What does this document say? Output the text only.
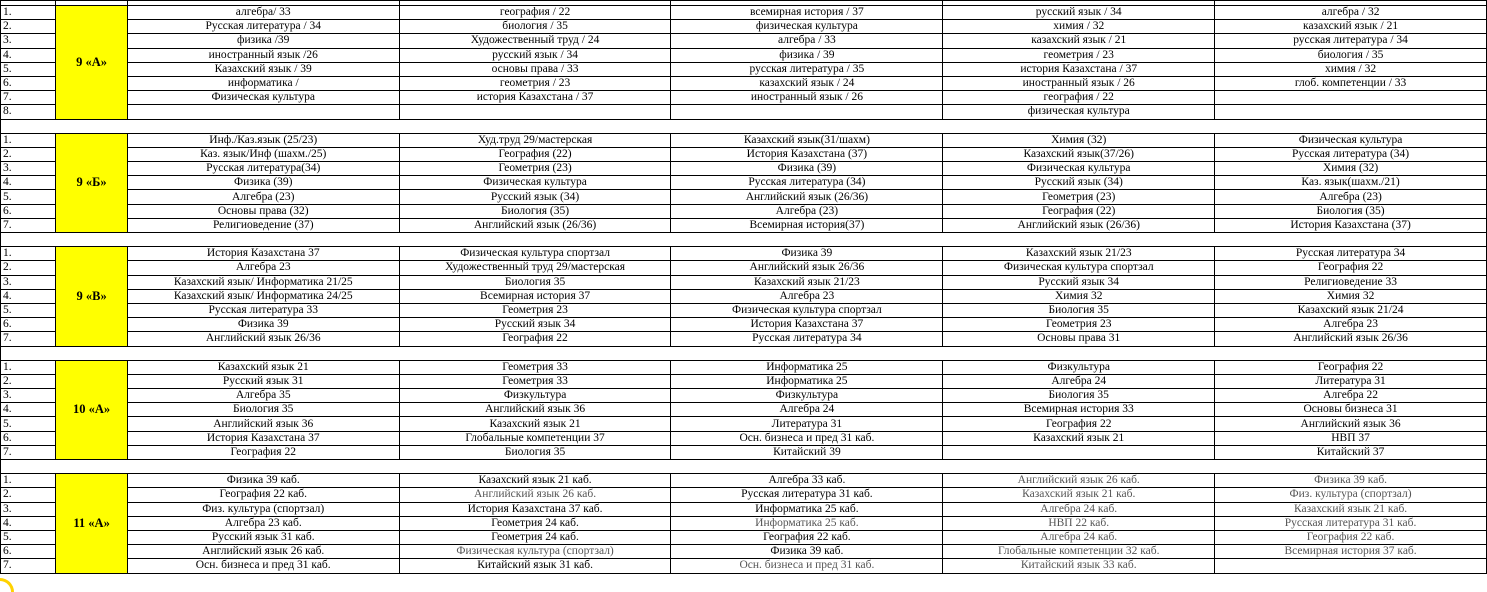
1.	9 «А»	алгебра/ 33	география / 22	всемирная история / 37	русский язык / 34	алгебра / 32
2.		Русская литература / 34	биология / 35	физическая культура	химия / 32	казахский язык / 21
3.		физика /39	Художественный труд / 24	алгебра / 33	казахский язык / 21	русская литература / 34
4.		иностранный язык /26	русский язык / 34	физика / 39	геометрия / 23	биология / 35
5.		Казахский язык / 39	основы права / 33	русская литература / 35	история Казахстана / 37	химия / 32
6.		информатика /	геометрия / 23	казахский язык / 24	иностранный язык / 26	глоб. компетенции / 33
7.		Физическая культура	история Казахстана / 37	иностранный язык / 26	география / 22	
8.					физическая культура	

1.	9 «Б»	Инф./Каз.язык (25/23)	Худ.труд 29/мастерская	Казахский язык(31/шахм)	Химия (32)	Физическая культура
2.		Каз. язык/Инф (шахм./25)	География (22)	История Казахстана (37)	Казахский язык(37/26)	Русская литература (34)
3.		Русская литература(34)	Геометрия (23)	Физика (39)	Физическая культура	Химия (32)
4.		Физика (39)	Физическая культура	Русская литература (34)	Русский язык (34)	Каз. язык(шахм./21)
5.		Алгебра (23)	Русский язык (34)	Английский язык (26/36)	Геометрия (23)	Алгебра (23)
6.		Основы права (32)	Биология (35)	Алгебра (23)	География (22)	Биология (35)
7.		Религиоведение (37)	Английский язык (26/36)	Всемирная история(37)	Английский язык (26/36)	История Казахстана (37)

1.	9 «В»	История Казахстана 37	Физическая культура спортзал	Физика 39	Казахский язык 21/23	Русская литература 34
2.		Алгебра 23	Художественный труд 29/мастерская	Английский язык 26/36	Физическая культура спортзал	География 22
3.		Казахский язык/ Информатика 21/25	Биология 35	Казахский язык 21/23	Русский язык 34	Религиоведение 33
4.		Казахский язык/ Информатика 24/25	Всемирная история 37	Алгебра 23	Химия 32	Химия 32
5.		Русская литература 33	Геометрия 23	Физическая культура спортзал	Биология 35	Казахский язык 21/24
6.		Физика 39	Русский язык 34	История Казахстана 37	Геометрия 23	Алгебра 23
7.		Английский язык 26/36	География 22	Русская литература 34	Основы права 31	Английский язык 26/36

1.	10 «А»	Казахский язык 21	Геометрия 33	Информатика 25	Физкультура	География 22
2.		Русский язык 31	Геометрия 33	Информатика 25	Алгебра 24	Литература 31
3.		Алгебра 35	Физкультура	Физкультура	Биология 35	Алгебра 22
4.		Биология 35	Английский язык 36	Алгебра 24	Всемирная история 33	Основы бизнеса 31
5.		Английский язык 36	Казахский язык 21	Литература 31	География 22	Английский язык 36
6.		История Казахстана 37	Глобальные компетенции 37	Осн. бизнеса и пред 31 каб.	Казахский язык 21	НВП 37
7.		География 22	Биология 35	Китайский 39		Китайский 37

1.	11 «А»	Физика 39 каб.	Казахский язык 21 каб.	Алгебра 33 каб.	Английский язык 26 каб.	Физика 39 каб.
2.		География 22 каб.	Английский язык 26 каб.	Русская литература 31 каб.	Казахский язык 21 каб.	Физ. культура (спортзал)
3.		Физ. культура (спортзал)	История Казахстана 37 каб.	Информатика 25 каб.	Алгебра 24 каб.	Казахский язык 21 каб.
4.		Алгебра 23 каб.	Геометрия 24 каб.	Информатика 25 каб.	НВП 22 каб.	Русская литература 31 каб.
5.		Русский язык 31 каб.	Геометрия 24 каб.	География 22 каб.	Алгебра 24 каб.	География 22 каб.
6.		Английский язык 26 каб.	Физическая культура (спортзал)	Физика 39 каб.	Глобальные компетенции 32 каб.	Всемирная история 37 каб.
7.		Осн. бизнеса и пред 31 каб.	Китайский язык 31 каб.	Осн. бизнеса и пред 31 каб.	Китайский язык 33 каб.	
